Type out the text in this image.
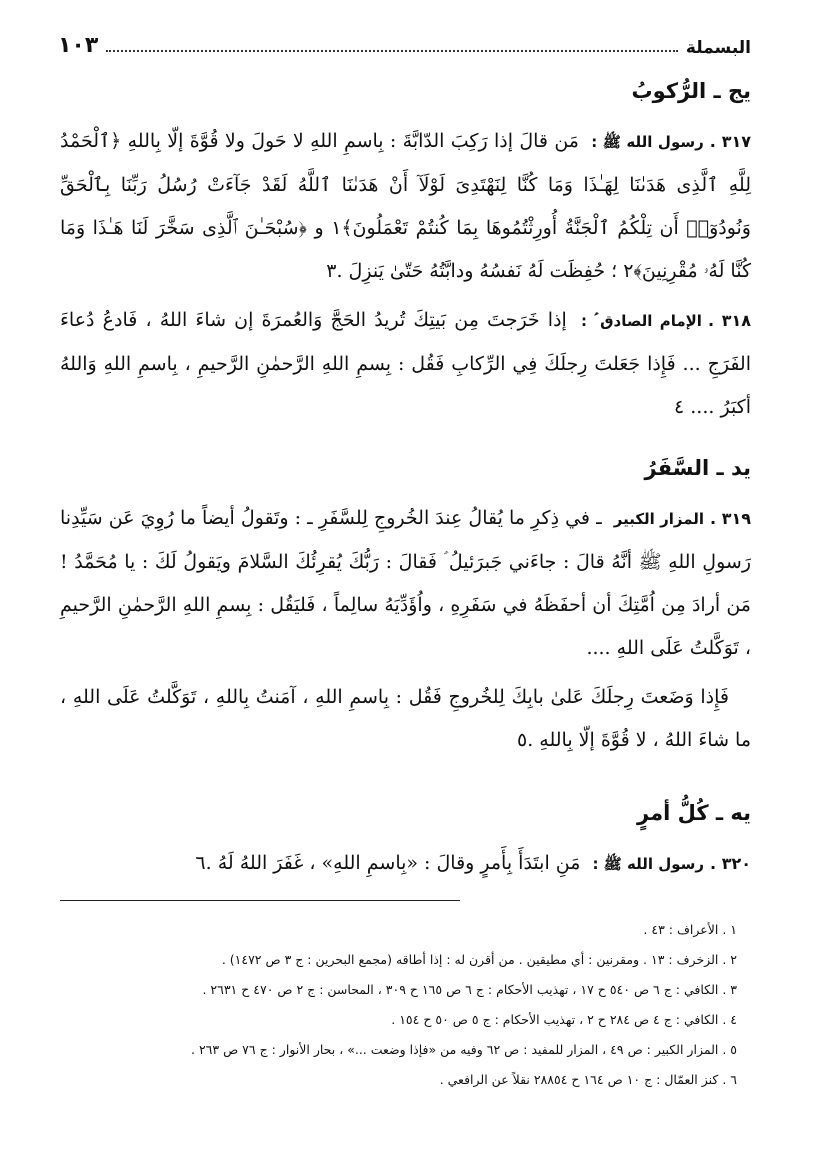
البسملة
١٠٣
يج ـ الرُّكوبُ

٣١٧ .رسول الله ﷺ : مَن قالَ إذا رَكِبَ الدّابَّةَ : بِاسمِ اللهِ لا حَولَ ولا قُوَّةَ إلّا بِاللهِ ﴿ٱلْحَمْدُ لِلَّهِ ٱلَّذِى هَدَىٰنَا لِهَـٰذَا وَمَا كُنَّا لِنَهْتَدِىَ لَوْلَآ أَنْ هَدَىٰنَا ٱللَّهُ لَقَدْ جَآءَتْ رُسُلُ رَبِّنَا بِٱلْحَقِّ وَنُودُوٓا۟ أَن تِلْكُمُ ٱلْجَنَّةُ أُورِثْتُمُوهَا بِمَا كُنتُمْ تَعْمَلُونَ﴾١ و ﴿سُبْحَـٰنَ ٱلَّذِى سَخَّرَ لَنَا هَـٰذَا وَمَا كُنَّا لَهُۥ مُقْرِنِينَ﴾٢ ؛ حُفِظَت لَهُ نَفسُهُ ودابَّتُهُ حَتّىٰ يَنزِلَ .٣

٣١٨ .الإمام الصادق ؑ : إذا خَرَجتَ مِن بَيتِكَ تُريدُ الحَجَّ وَالعُمرَةَ إن شاءَ اللهُ ، فَادعُ دُعاءَ الفَرَجِ ... فَإِذا جَعَلتَ رِجلَكَ فِي الرِّكابِ فَقُل : بِسمِ اللهِ الرَّحمٰنِ الرَّحيمِ ، بِاسمِ اللهِ وَاللهُ أكبَرُ .... ٤

يد ـ السَّفَرُ

٣١٩ .المزار الكبير ـ في ذِكرِ ما يُقالُ عِندَ الخُروجِ لِلسَّفَرِ ـ : وتَقولُ أيضاً ما رُوِيَ عَن سَيِّدِنا رَسولِ اللهِ ﷺ أنَّهُ قالَ : جاءَني جَبرَئيلُ ؑ فَقالَ : رَبُّكَ يُقرِئُكَ السَّلامَ ويَقولُ لَكَ : يا مُحَمَّدُ ! مَن أرادَ مِن اُمَّتِكَ أن أحفَظَهُ في سَفَرِهِ ، واُؤَدِّيَهُ سالِماً ، فَليَقُل : بِسمِ اللهِ الرَّحمٰنِ الرَّحيمِ ، تَوَكَّلتُ عَلَى اللهِ ....

فَإِذا وَضَعتَ رِجلَكَ عَلىٰ بابِكَ لِلخُروجِ فَقُل : بِاسمِ اللهِ ، آمَنتُ بِاللهِ ، تَوَكَّلتُ عَلَى اللهِ ، ما شاءَ اللهُ ، لا قُوَّةَ إلّا بِاللهِ .٥

يه ـ كُلُّ أمرٍ

٣٢٠ .رسول الله ﷺ : مَنِ ابتَدَأَ بِأَمرٍ وقالَ : «بِاسمِ اللهِ» ، غَفَرَ اللهُ لَهُ .٦

١ . الأعراف : ٤٣ .
٢ . الزخرف : ١٣ . ومقرنين : أي مطيقين . من أقرن له : إذا أطاقه (مجمع البحرين : ج ٣ ص ١٤٧٢) .
٣ . الكافي : ج ٦ ص ٥٤٠ ح ١٧ ، تهذيب الأحكام : ج ٦ ص ١٦٥ ح ٣٠٩ ، المحاسن : ج ٢ ص ٤٧٠ ح ٢٦٣١ .
٤ . الكافي : ج ٤ ص ٢٨٤ ح ٢ ، تهذيب الأحكام : ج ٥ ص ٥٠ ح ١٥٤ .
٥ . المزار الكبير : ص ٤٩ ، المزار للمفيد : ص ٦٢ وفيه من «فإذا وضعت ...» ، بحار الأنوار : ج ٧٦ ص ٢٦٣ .
٦ . كنز العمّال : ج ١٠ ص ١٦٤ ح ٢٨٨٥٤ نقلاً عن الرافعي .
